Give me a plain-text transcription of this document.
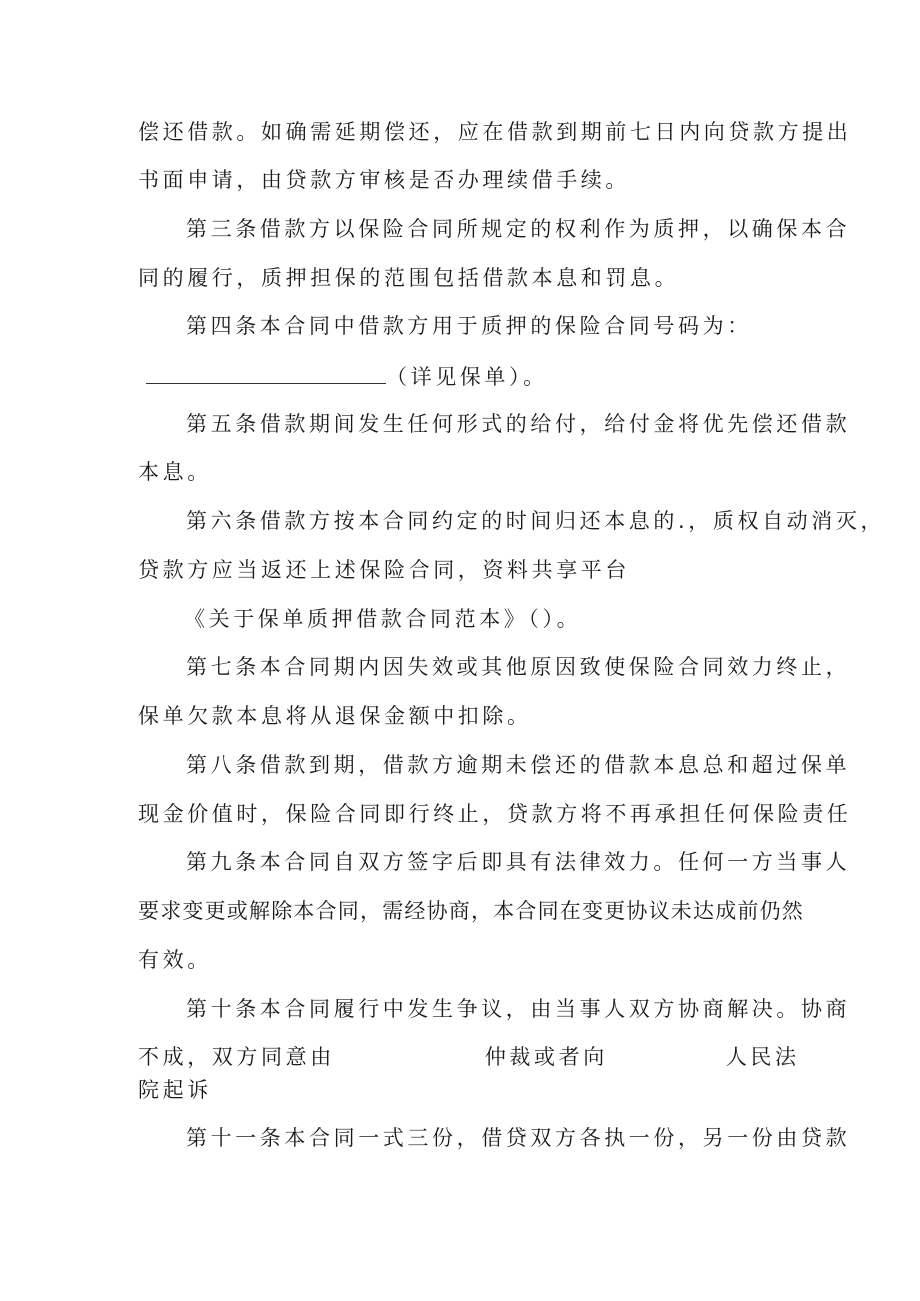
偿还借款。如确需延期偿还，应在借款到期前七日内向贷款方提出
书面申请，由贷款方审核是否办理续借手续。
第三条借款方以保险合同所规定的权利作为质押，以确保本合
同的履行，质押担保的范围包括借款本息和罚息。
第四条本合同中借款方用于质押的保险合同号码为：
（详见保单）。
第五条借款期间发生任何形式的给付，给付金将优先偿还借款
本息。
第六条借款方按本合同约定的时间归还本息的.，质权自动消灭，
贷款方应当返还上述保险合同，资料共享平台
《关于保单质押借款合同范本》（）。
第七条本合同期内因失效或其他原因致使保险合同效力终止，
保单欠款本息将从退保金额中扣除。
第八条借款到期，借款方逾期未偿还的借款本息总和超过保单
现金价值时，保险合同即行终止，贷款方将不再承担任何保险责任
第九条本合同自双方签字后即具有法律效力。任何一方当事人
要求变更或解除本合同，需经协商，本合同在变更协议未达成前仍然
有效。
第十条本合同履行中发生争议，由当事人双方协商解决。协商
不成，双方同意由	仲裁或者向	人民法
院起诉
第十一条本合同一式三份，借贷双方各执一份，另一份由贷款
